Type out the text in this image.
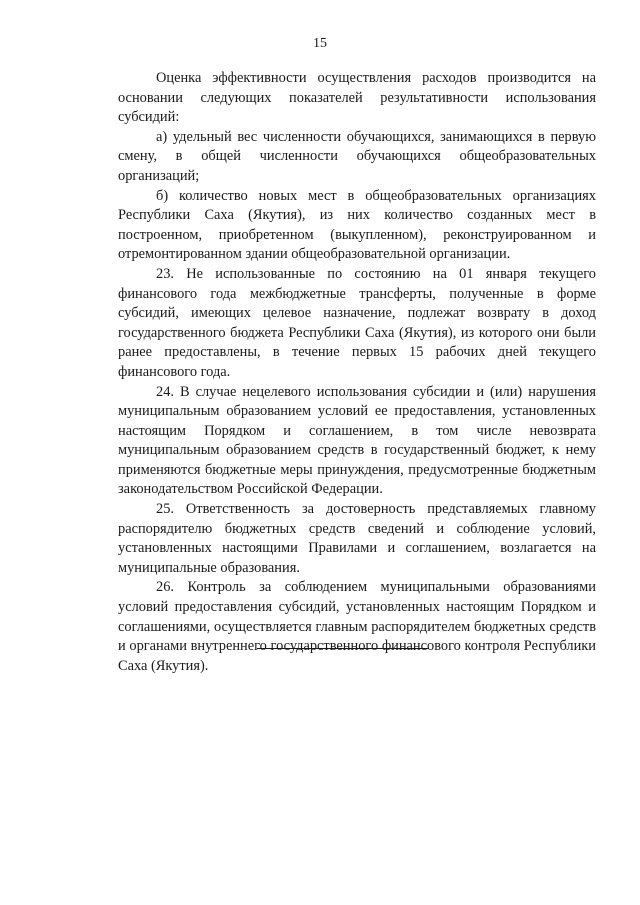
15

Оценка эффективности осуществления расходов производится на основании следующих показателей результативности использования субсидий:

а) удельный вес численности обучающихся, занимающихся в первую смену, в общей численности обучающихся общеобразовательных организаций;

б) количество новых мест в общеобразовательных организациях Республики Саха (Якутия), из них количество созданных мест в построенном, приобретенном (выкупленном), реконструированном и отремонтированном здании общеобразовательной организации.

23. Не использованные по состоянию на 01 января текущего финансового года межбюджетные трансферты, полученные в форме субсидий, имеющих целевое назначение, подлежат возврату в доход государственного бюджета Республики Саха (Якутия), из которого они были ранее предоставлены, в течение первых 15 рабочих дней текущего финансового года.

24. В случае нецелевого использования субсидии и (или) нарушения муниципальным образованием условий ее предоставления, установленных настоящим Порядком и соглашением, в том числе невозврата муниципальным образованием средств в государственный бюджет, к нему применяются бюджетные меры принуждения, предусмотренные бюджетным законодательством Российской Федерации.

25. Ответственность за достоверность представляемых главному распорядителю бюджетных средств сведений и соблюдение условий, установленных настоящими Правилами и соглашением, возлагается на муниципальные образования.

26. Контроль за соблюдением муниципальными образованиями условий предоставления субсидий, установленных настоящим Порядком и соглашениями, осуществляется главным распорядителем бюджетных средств и органами внутреннего государственного финансового контроля Республики Саха (Якутия).
